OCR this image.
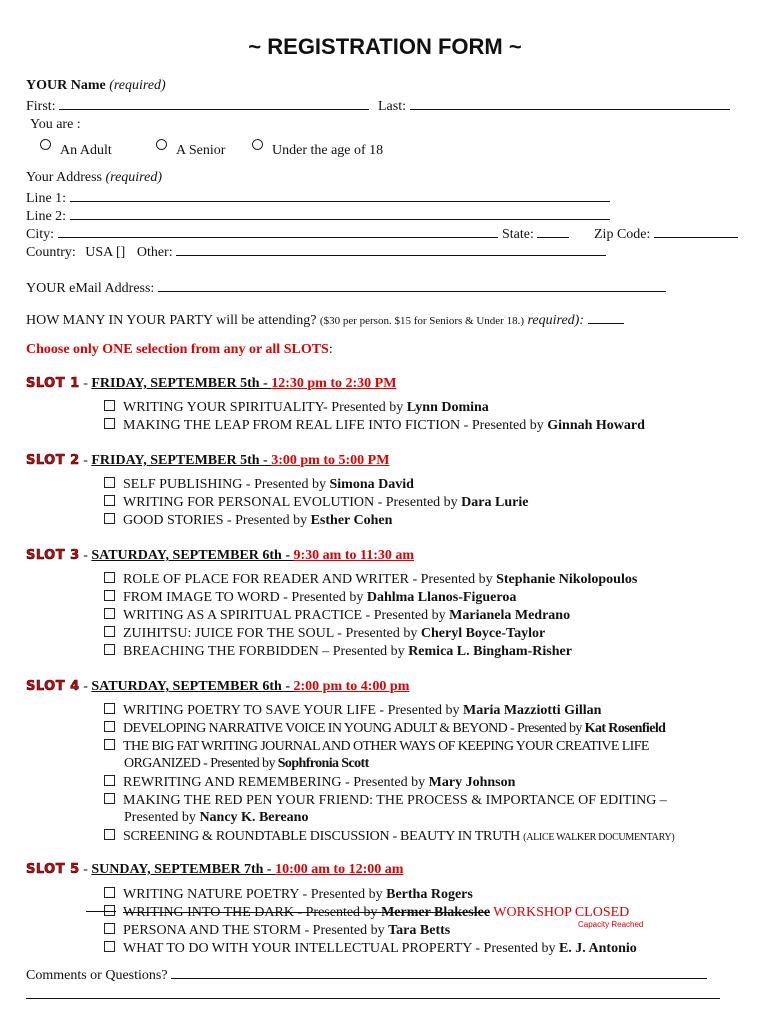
~ REGISTRATION FORM ~
YOUR Name (required)
First:	Last:
You are :
An Adult	A Senior	Under the age of 18
Your Address (required)
Line 1:
Line 2:
City:	State:	Zip Code:
Country: USA [] Other:
YOUR eMail Address:
HOW MANY IN YOUR PARTY will be attending? ($30 per person. $15 for Seniors & Under 18.) required):
Choose only ONE selection from any or all SLOTS:
SLOT 1 - FRIDAY, SEPTEMBER 5th - 12:30 pm to 2:30 PM
WRITING YOUR SPIRITUALITY- Presented by Lynn Domina
MAKING THE LEAP FROM REAL LIFE INTO FICTION - Presented by Ginnah Howard
SLOT 2 - FRIDAY, SEPTEMBER 5th - 3:00 pm to 5:00 PM
SELF PUBLISHING - Presented by Simona David
WRITING FOR PERSONAL EVOLUTION - Presented by Dara Lurie
GOOD STORIES - Presented by Esther Cohen
SLOT 3 - SATURDAY, SEPTEMBER 6th - 9:30 am to 11:30 am
ROLE OF PLACE FOR READER AND WRITER - Presented by Stephanie Nikolopoulos
FROM IMAGE TO WORD - Presented by Dahlma Llanos-Figueroa
WRITING AS A SPIRITUAL PRACTICE - Presented by Marianela Medrano
ZUIHITSU: JUICE FOR THE SOUL - Presented by Cheryl Boyce-Taylor
BREACHING THE FORBIDDEN – Presented by Remica L. Bingham-Risher
SLOT 4 - SATURDAY, SEPTEMBER 6th - 2:00 pm to 4:00 pm
WRITING POETRY TO SAVE YOUR LIFE - Presented by Maria Mazziotti Gillan
DEVELOPING NARRATIVE VOICE IN YOUNG ADULT & BEYOND - Presented by Kat Rosenfield
THE BIG FAT WRITING JOURNAL AND OTHER WAYS OF KEEPING YOUR CREATIVE LIFE
ORGANIZED - Presented by Sophfronia Scott
REWRITING AND REMEMBERING - Presented by Mary Johnson
MAKING THE RED PEN YOUR FRIEND: THE PROCESS & IMPORTANCE OF EDITING –
Presented by Nancy K. Bereano
SCREENING & ROUNDTABLE DISCUSSION - BEAUTY IN TRUTH (ALICE WALKER DOCUMENTARY)
SLOT 5 - SUNDAY, SEPTEMBER 7th - 10:00 am to 12:00 am
WRITING NATURE POETRY - Presented by Bertha Rogers
WRITING INTO THE DARK - Presented by Mermer Blakeslee WORKSHOP CLOSED
Capacity Reached
PERSONA AND THE STORM - Presented by Tara Betts
WHAT TO DO WITH YOUR INTELLECTUAL PROPERTY - Presented by E. J. Antonio
Comments or Questions?
